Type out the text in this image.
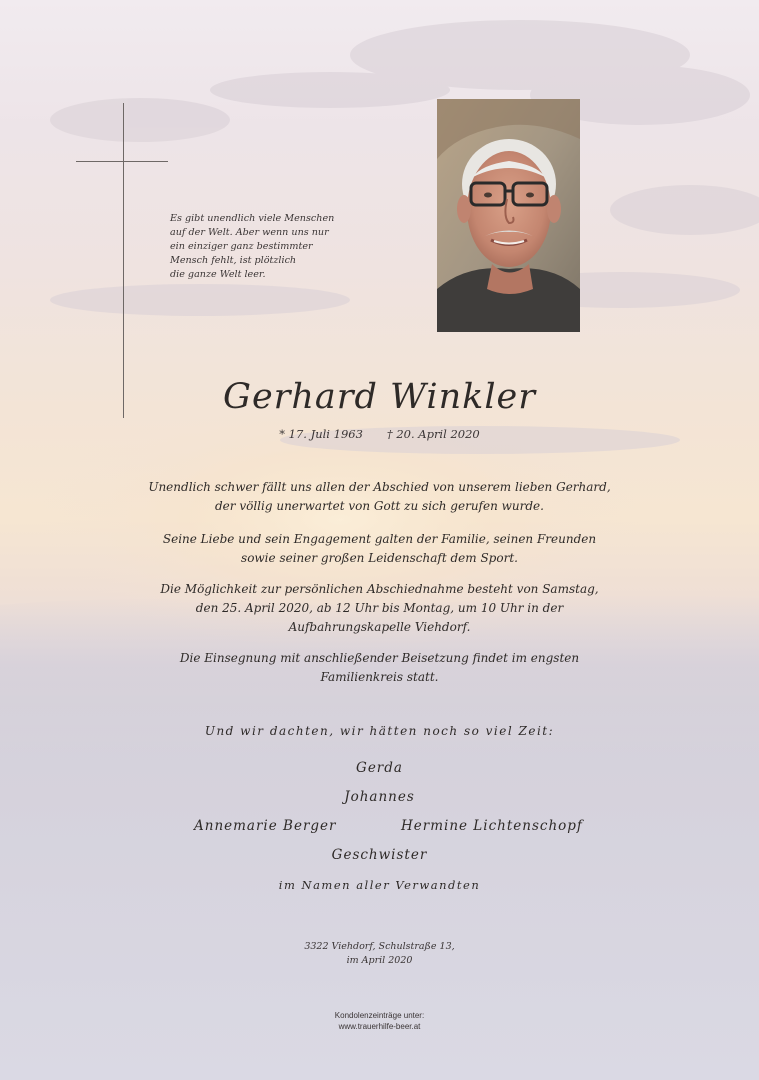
Es gibt unendlich viele Menschen
auf der Welt. Aber wenn uns nur
ein einziger ganz bestimmter
Mensch fehlt, ist plötzlich
die ganze Welt leer.
Gerhard Winkler
* 17. Juli 1963 † 20. April 2020
Unendlich schwer fällt uns allen der Abschied von unserem lieben Gerhard,
der völlig unerwartet von Gott zu sich gerufen wurde.
Seine Liebe und sein Engagement galten der Familie, seinen Freunden
sowie seiner großen Leidenschaft dem Sport.
Die Möglichkeit zur persönlichen Abschiednahme besteht von Samstag,
den 25. April 2020, ab 12 Uhr bis Montag, um 10 Uhr in der
Aufbahrungskapelle Viehdorf.
Die Einsegnung mit anschließender Beisetzung findet im engsten
Familienkreis statt.
Und wir dachten, wir hätten noch so viel Zeit:
Gerda
Johannes
Annemarie Berger	Hermine Lichtenschopf
Geschwister
im Namen aller Verwandten
3322 Viehdorf, Schulstraße 13,
im April 2020
Kondolenzeinträge unter:
www.trauerhilfe-beer.at
